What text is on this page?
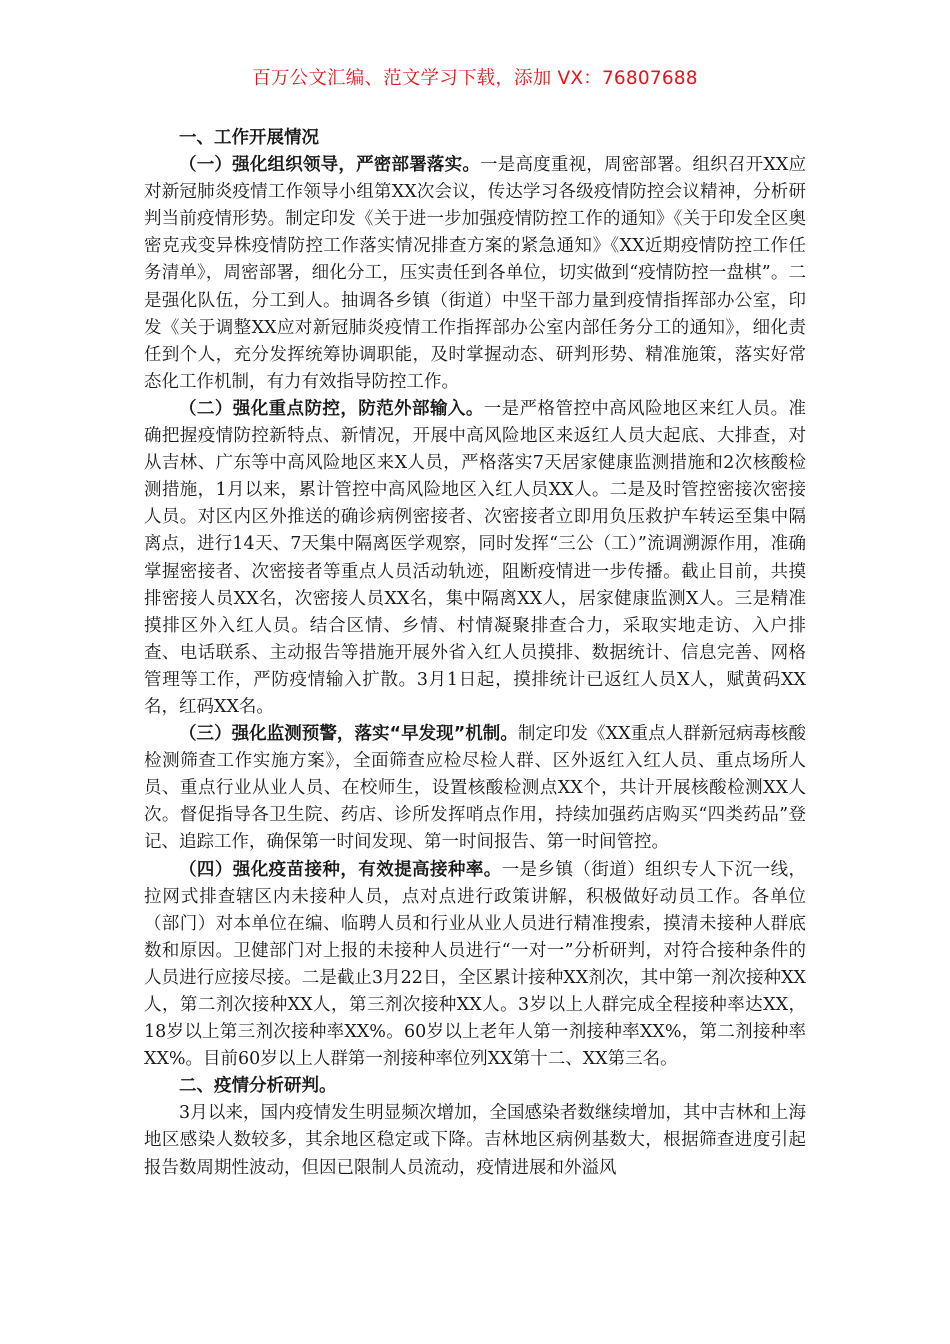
百万公文汇编、范文学习下载，添加 VX：76807688

一、工作开展情况

（一）强化组织领导，严密部署落实。一是高度重视，周密部署。组织召开XX应对新冠肺炎疫情工作领导小组第XX次会议，传达学习各级疫情防控会议精神，分析研判当前疫情形势。制定印发《关于进一步加强疫情防控工作的通知》《关于印发全区奥密克戎变异株疫情防控工作落实情况排查方案的紧急通知》《XX近期疫情防控工作任务清单》，周密部署，细化分工，压实责任到各单位，切实做到“疫情防控一盘棋”。二是强化队伍，分工到人。抽调各乡镇（街道）中坚干部力量到疫情指挥部办公室，印发《关于调整XX应对新冠肺炎疫情工作指挥部办公室内部任务分工的通知》，细化责任到个人，充分发挥统筹协调职能，及时掌握动态、研判形势、精准施策，落实好常态化工作机制，有力有效指导防控工作。

（二）强化重点防控，防范外部输入。一是严格管控中高风险地区来红人员。准确把握疫情防控新特点、新情况，开展中高风险地区来返红人员大起底、大排查，对从吉林、广东等中高风险地区来X人员，严格落实7天居家健康监测措施和2次核酸检测措施，1月以来，累计管控中高风险地区入红人员XX人。二是及时管控密接次密接人员。对区内区外推送的确诊病例密接者、次密接者立即用负压救护车转运至集中隔离点，进行14天、7天集中隔离医学观察，同时发挥“三公（工）”流调溯源作用，准确掌握密接者、次密接者等重点人员活动轨迹，阻断疫情进一步传播。截止目前，共摸排密接人员XX名，次密接人员XX名，集中隔离XX人，居家健康监测X人。三是精准摸排区外入红人员。结合区情、乡情、村情凝聚排查合力，采取实地走访、入户排查、电话联系、主动报告等措施开展外省入红人员摸排、数据统计、信息完善、网格管理等工作，严防疫情输入扩散。3月1日起，摸排统计已返红人员X人，赋黄码XX名，红码XX名。

（三）强化监测预警，落实“早发现”机制。制定印发《XX重点人群新冠病毒核酸检测筛查工作实施方案》，全面筛查应检尽检人群、区外返红入红人员、重点场所人员、重点行业从业人员、在校师生，设置核酸检测点XX个，共计开展核酸检测XX人次。督促指导各卫生院、药店、诊所发挥哨点作用，持续加强药店购买“四类药品”登记、追踪工作，确保第一时间发现、第一时间报告、第一时间管控。

（四）强化疫苗接种，有效提高接种率。一是乡镇（街道）组织专人下沉一线，拉网式排查辖区内未接种人员，点对点进行政策讲解，积极做好动员工作。各单位（部门）对本单位在编、临聘人员和行业从业人员进行精准搜索，摸清未接种人群底数和原因。卫健部门对上报的未接种人员进行“一对一”分析研判，对符合接种条件的人员进行应接尽接。二是截止3月22日，全区累计接种XX剂次，其中第一剂次接种XX人，第二剂次接种XX人，第三剂次接种XX人。3岁以上人群完成全程接种率达XX，18岁以上第三剂次接种率XX%。60岁以上老年人第一剂接种率XX%，第二剂接种率XX%。目前60岁以上人群第一剂接种率位列XX第十二、XX第三名。

二、疫情分析研判。

3月以来，国内疫情发生明显频次增加，全国感染者数继续增加，其中吉林和上海地区感染人数较多，其余地区稳定或下降。吉林地区病例基数大，根据筛查进度引起报告数周期性波动，但因已限制人员流动，疫情进展和外溢风
